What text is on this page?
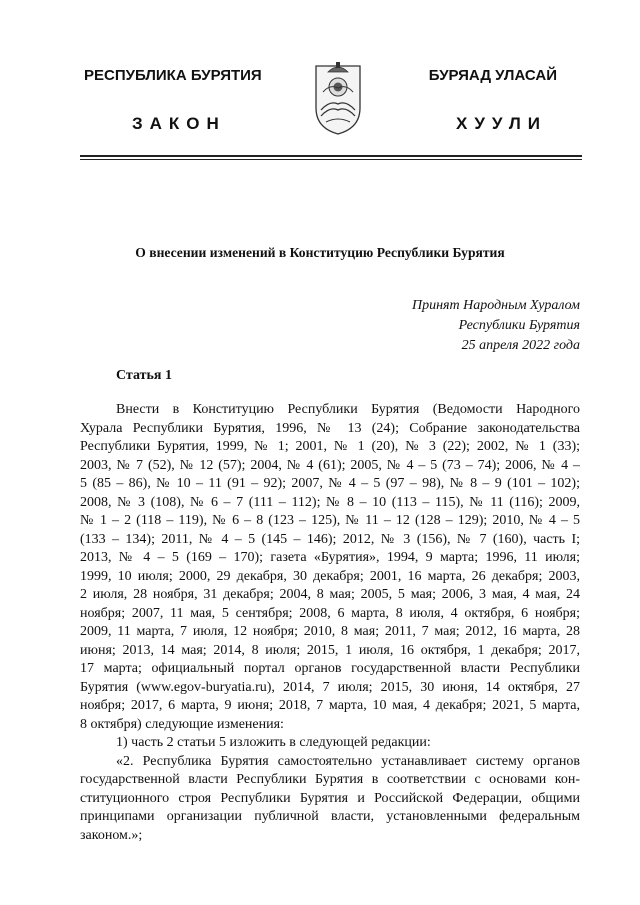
РЕСПУБЛИКА БУРЯТИЯ	БУРЯАД УЛАСАЙ
ЗАКОН	ХУУЛИ
О внесении изменений в Конституцию Республики Бурятия
Принят Народным Хуралом
Республики Бурятия
25 апреля 2022 года
Статья 1
Внести в Конституцию Республики Бурятия (Ведомости Народного
Хурала Республики Бурятия, 1996, № 13 (24); Собрание законодательства
Республики Бурятия, 1999, № 1; 2001, № 1 (20), № 3 (22); 2002, № 1 (33);
2003, № 7 (52), № 12 (57); 2004, № 4 (61); 2005, № 4 – 5 (73 – 74); 2006, № 4 –
5 (85 – 86), № 10 – 11 (91 – 92); 2007, № 4 – 5 (97 – 98), № 8 – 9 (101 – 102);
2008, № 3 (108), № 6 – 7 (111 – 112); № 8 – 10 (113 – 115), № 11 (116); 2009,
№ 1 – 2 (118 – 119), № 6 – 8 (123 – 125), № 11 – 12 (128 – 129); 2010, № 4 – 5
(133 – 134); 2011, № 4 – 5 (145 – 146); 2012, № 3 (156), № 7 (160), часть I;
2013, № 4 – 5 (169 – 170); газета «Бурятия», 1994, 9 марта; 1996, 11 июля;
1999, 10 июля; 2000, 29 декабря, 30 декабря; 2001, 16 марта, 26 декабря; 2003,
2 июля, 28 ноября, 31 декабря; 2004, 8 мая; 2005, 5 мая; 2006, 3 мая, 4 мая, 24
ноября; 2007, 11 мая, 5 сентября; 2008, 6 марта, 8 июля, 4 октября, 6 ноября;
2009, 11 марта, 7 июля, 12 ноября; 2010, 8 мая; 2011, 7 мая; 2012, 16 марта, 28
июня; 2013, 14 мая; 2014, 8 июля; 2015, 1 июля, 16 октября, 1 декабря; 2017,
17 марта; официальный портал органов государственной власти Республики
Бурятия (www.egov-buryatia.ru), 2014, 7 июля; 2015, 30 июня, 14 октября, 27
ноября; 2017, 6 марта, 9 июня; 2018, 7 марта, 10 мая, 4 декабря; 2021, 5 марта,
8 октября) следующие изменения:
1) часть 2 статьи 5 изложить в следующей редакции:
«2. Республика Бурятия самостоятельно устанавливает систему органов
государственной власти Республики Бурятия в соответствии с основами кон-
ституционного строя Республики Бурятия и Российской Федерации, общими
принципами организации публичной власти, установленными федеральным
законом.»;
